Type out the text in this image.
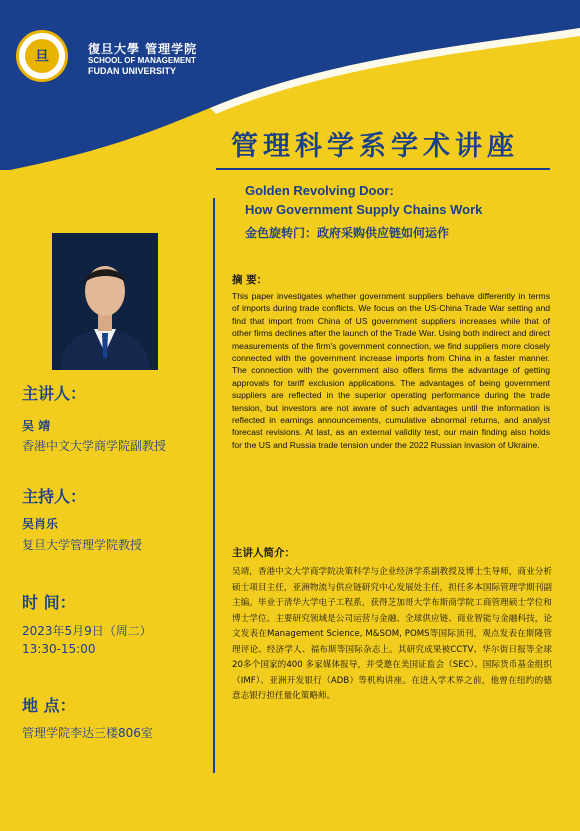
旦	復旦大學 管理学院
SCHOOL OF MANAGEMENT
FUDAN UNIVERSITY
管理科学系学术讲座
Golden Revolving Door:
How Government Supply Chains Work
金色旋转门：政府采购供应链如何运作
主讲人：
吴 靖
香港中文大学商学院副教授
主持人：
吴肖乐
复旦大学管理学院教授
时 间：
2023年5月9日（周二）
13:30-15:00
地 点：
管理学院李达三楼806室
摘 要：
This paper investigates whether government suppliers behave differently in terms of imports during trade conflicts. We focus on the US-China Trade War setting and find that import from China of US government suppliers increases while that of other firms declines after the launch of the Trade War. Using both indirect and direct measurements of the firm's government connection, we find suppliers more closely connected with the government increase imports from China in a faster manner. The connection with the government also offers firms the advantage of getting approvals for tariff exclusion applications. The advantages of being government suppliers are reflected in the superior operating performance during the trade tension, but investors are not aware of such advantages until the information is reflected in earnings announcements, cumulative abnormal returns, and analyst forecast revisions. At last, as an external validity test, our main finding also holds for the US and Russia trade tension under the 2022 Russian invasion of Ukraine.
主讲人简介：
吴靖，香港中文大学商学院决策科学与企业经济学系副教授及博士生导师，商业分析硕士项目主任，亚洲物流与供应链研究中心发展处主任，担任多本国际管理学期刊副主编。毕业于清华大学电子工程系，获得芝加哥大学布斯商学院工商管理硕士学位和博士学位。主要研究领域是公司运营与金融、全球供应链、商业智能与金融科技，论文发表在Management Science, M&SOM, POMS等国际顶刊，观点发表在斯隆管理评论、经济学人、福布斯等国际杂志上。其研究成果被CCTV、华尔街日报等全球 20多个国家的400 多家媒体报导，并受邀在美国证监会（SEC）、国际货币基金组织（IMF）、亚洲开发银行（ADB）等机构讲座。在进入学术界之前，他曾在纽约的德意志银行担任量化策略师。
